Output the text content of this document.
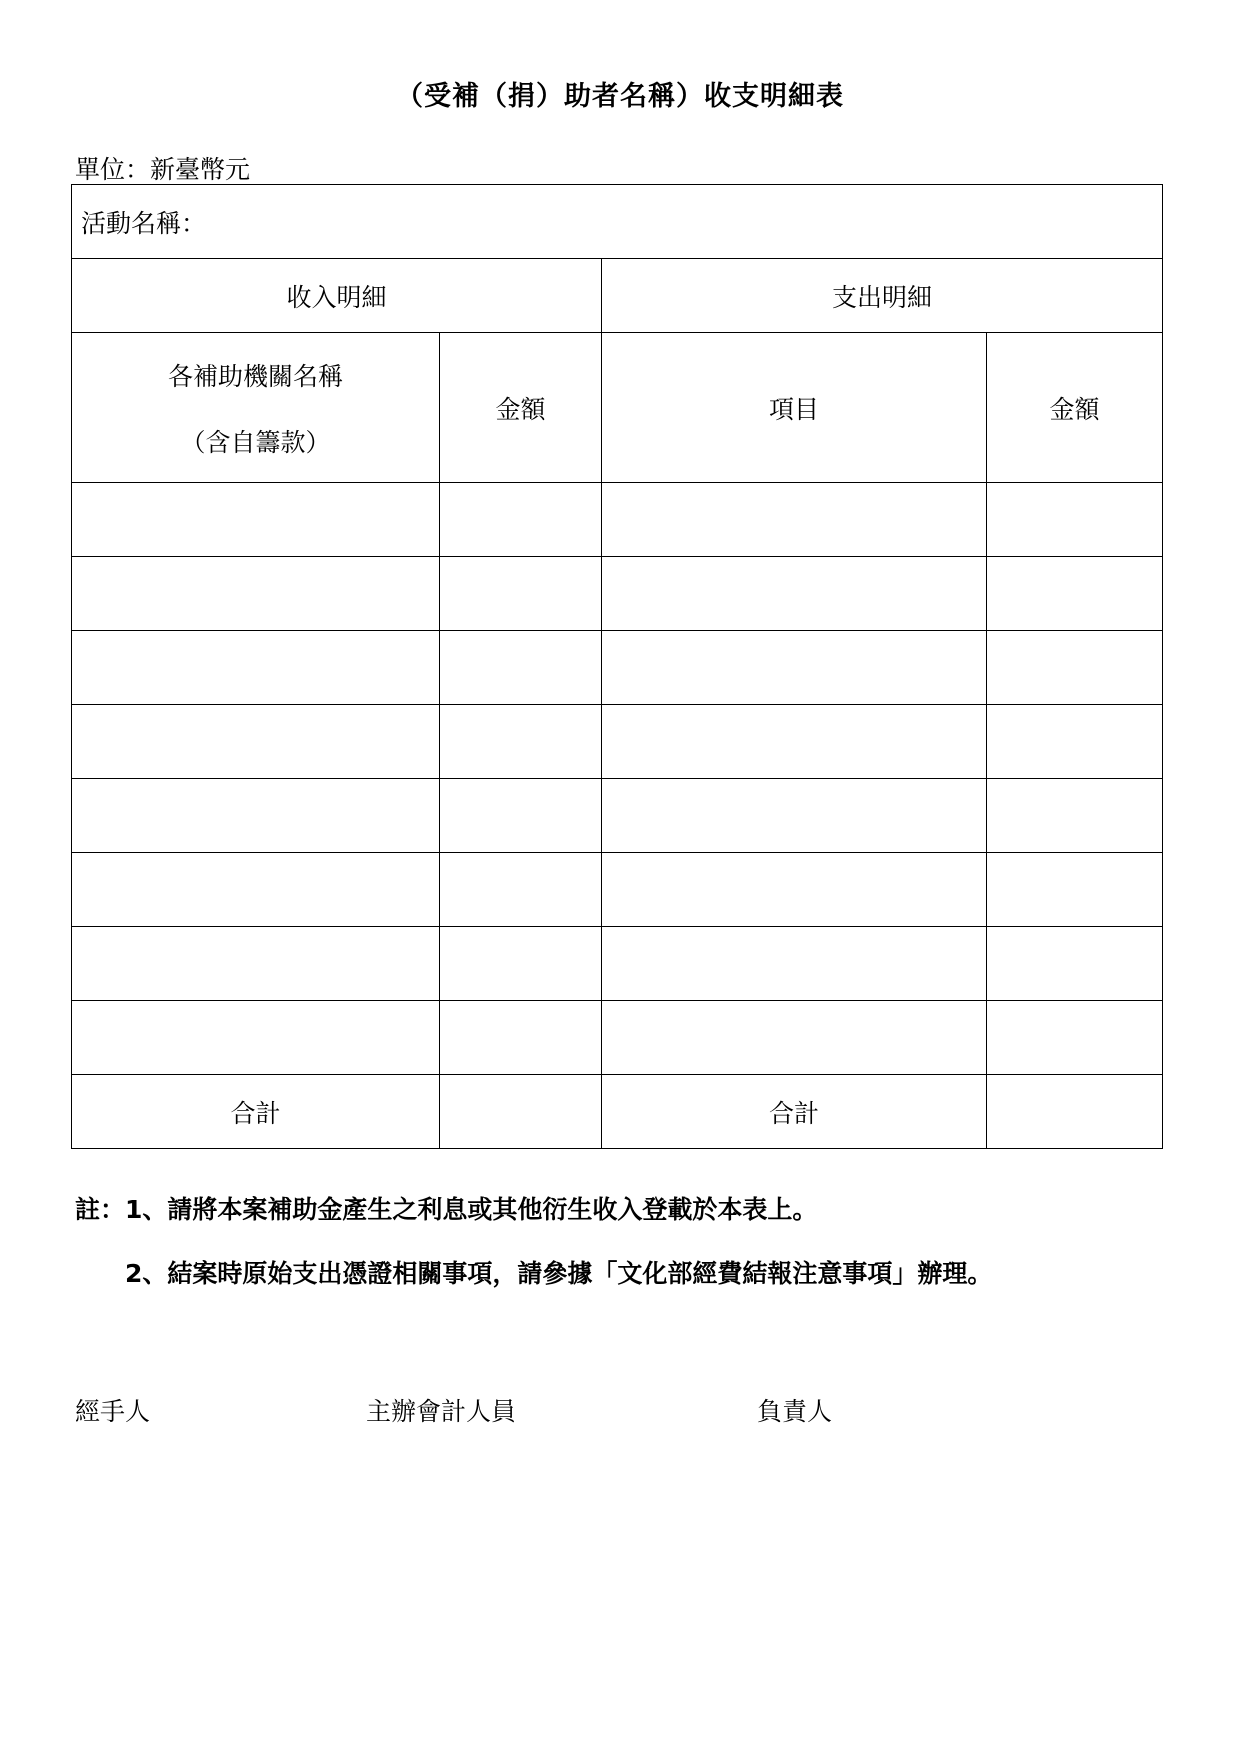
（受補（捐）助者名稱）收支明細表
單位：新臺幣元
活動名稱：			
收入明細		支出明細	

各補助機關名稱
（含自籌款）	金額	項目	金額

合計		合計	
註：1、請將本案補助金產生之利息或其他衍生收入登載於本表上。
2、結案時原始支出憑證相關事項，請參據「文化部經費結報注意事項」辦理。
經手人	主辦會計人員	負責人
